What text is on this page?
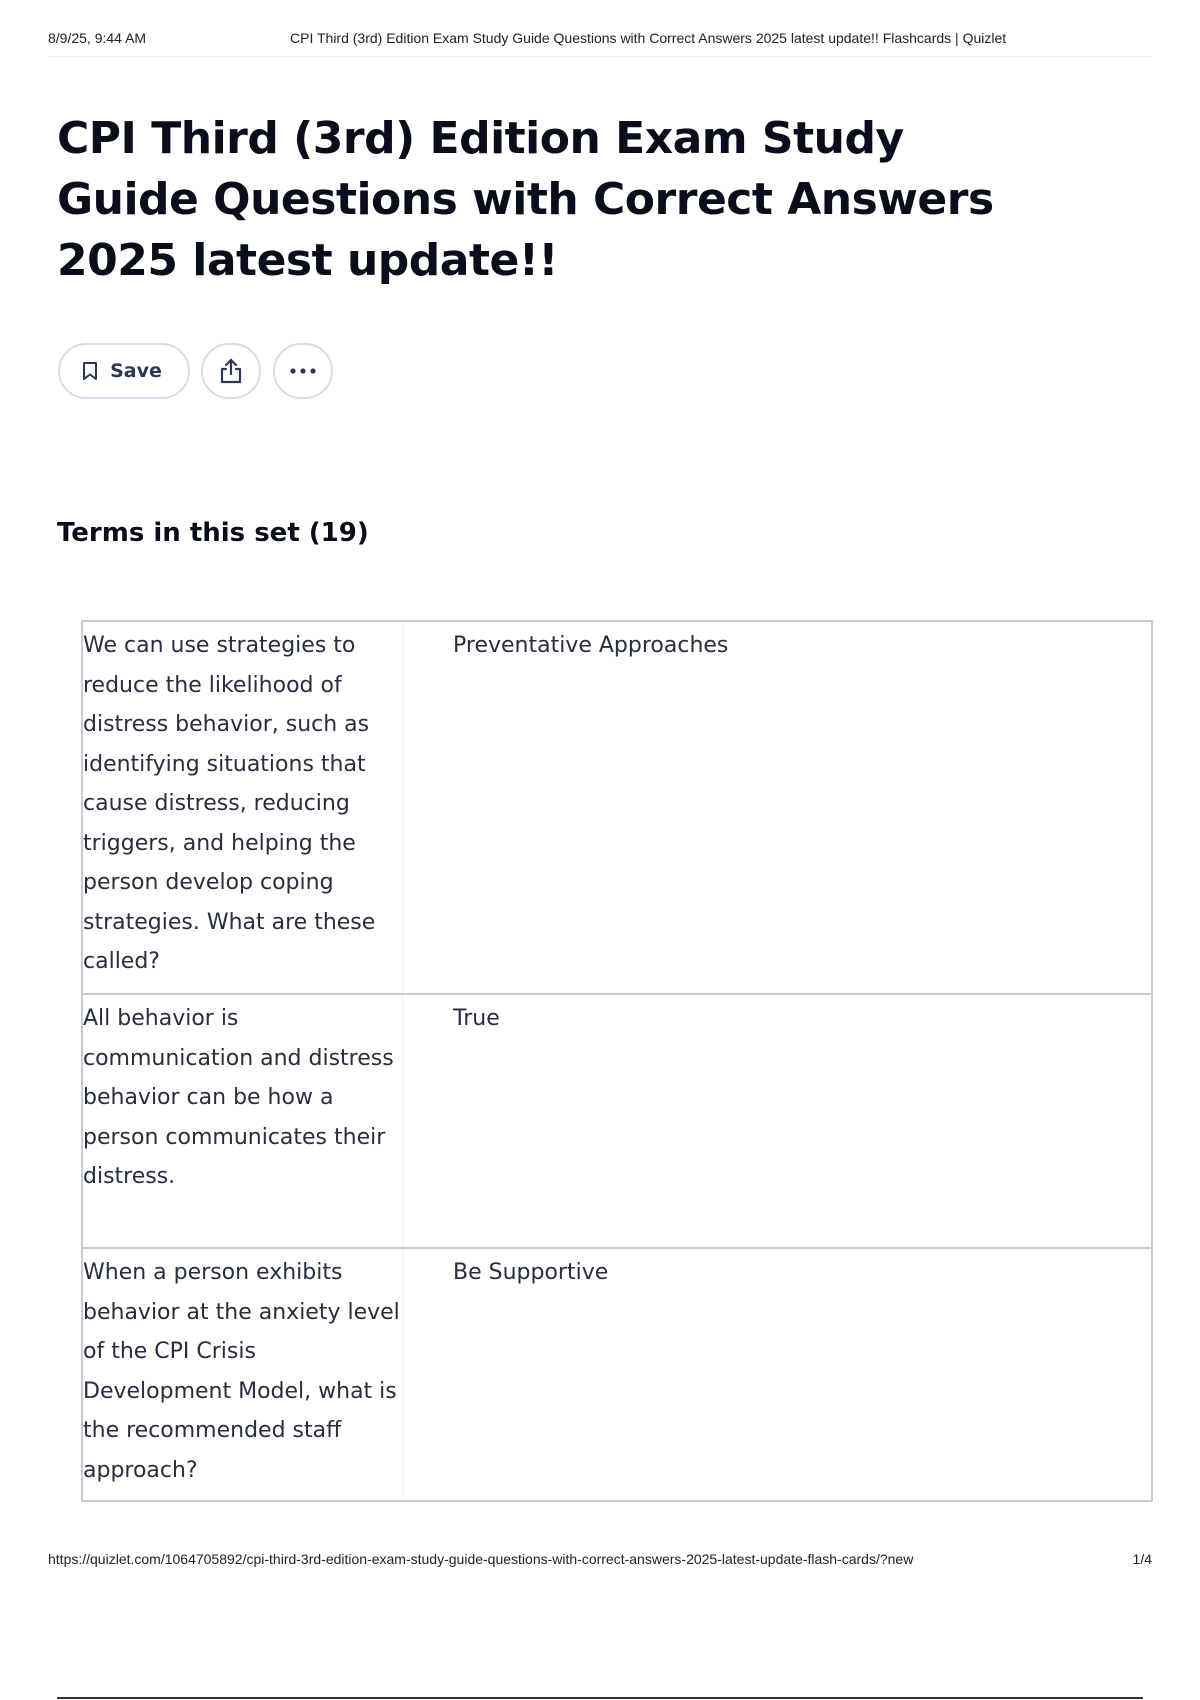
8/9/25, 9:44 AM	CPI Third (3rd) Edition Exam Study Guide Questions with Correct Answers 2025 latest update!! Flashcards | Quizlet
CPI Third (3rd) Edition Exam Study Guide Questions with Correct Answers 2025 latest update!!
Save
Terms in this set (19)
We can use strategies to reduce the likelihood of distress behavior, such as identifying situations that cause distress, reducing triggers, and helping the person develop coping strategies. What are these called?
Preventative Approaches
All behavior is communication and distress behavior can be how a person communicates their distress.
True
When a person exhibits behavior at the anxiety level of the CPI Crisis Development Model, what is the recommended staff approach?
Be Supportive
https://quizlet.com/1064705892/cpi-third-3rd-edition-exam-study-guide-questions-with-correct-answers-2025-latest-update-flash-cards/?new	1/4
